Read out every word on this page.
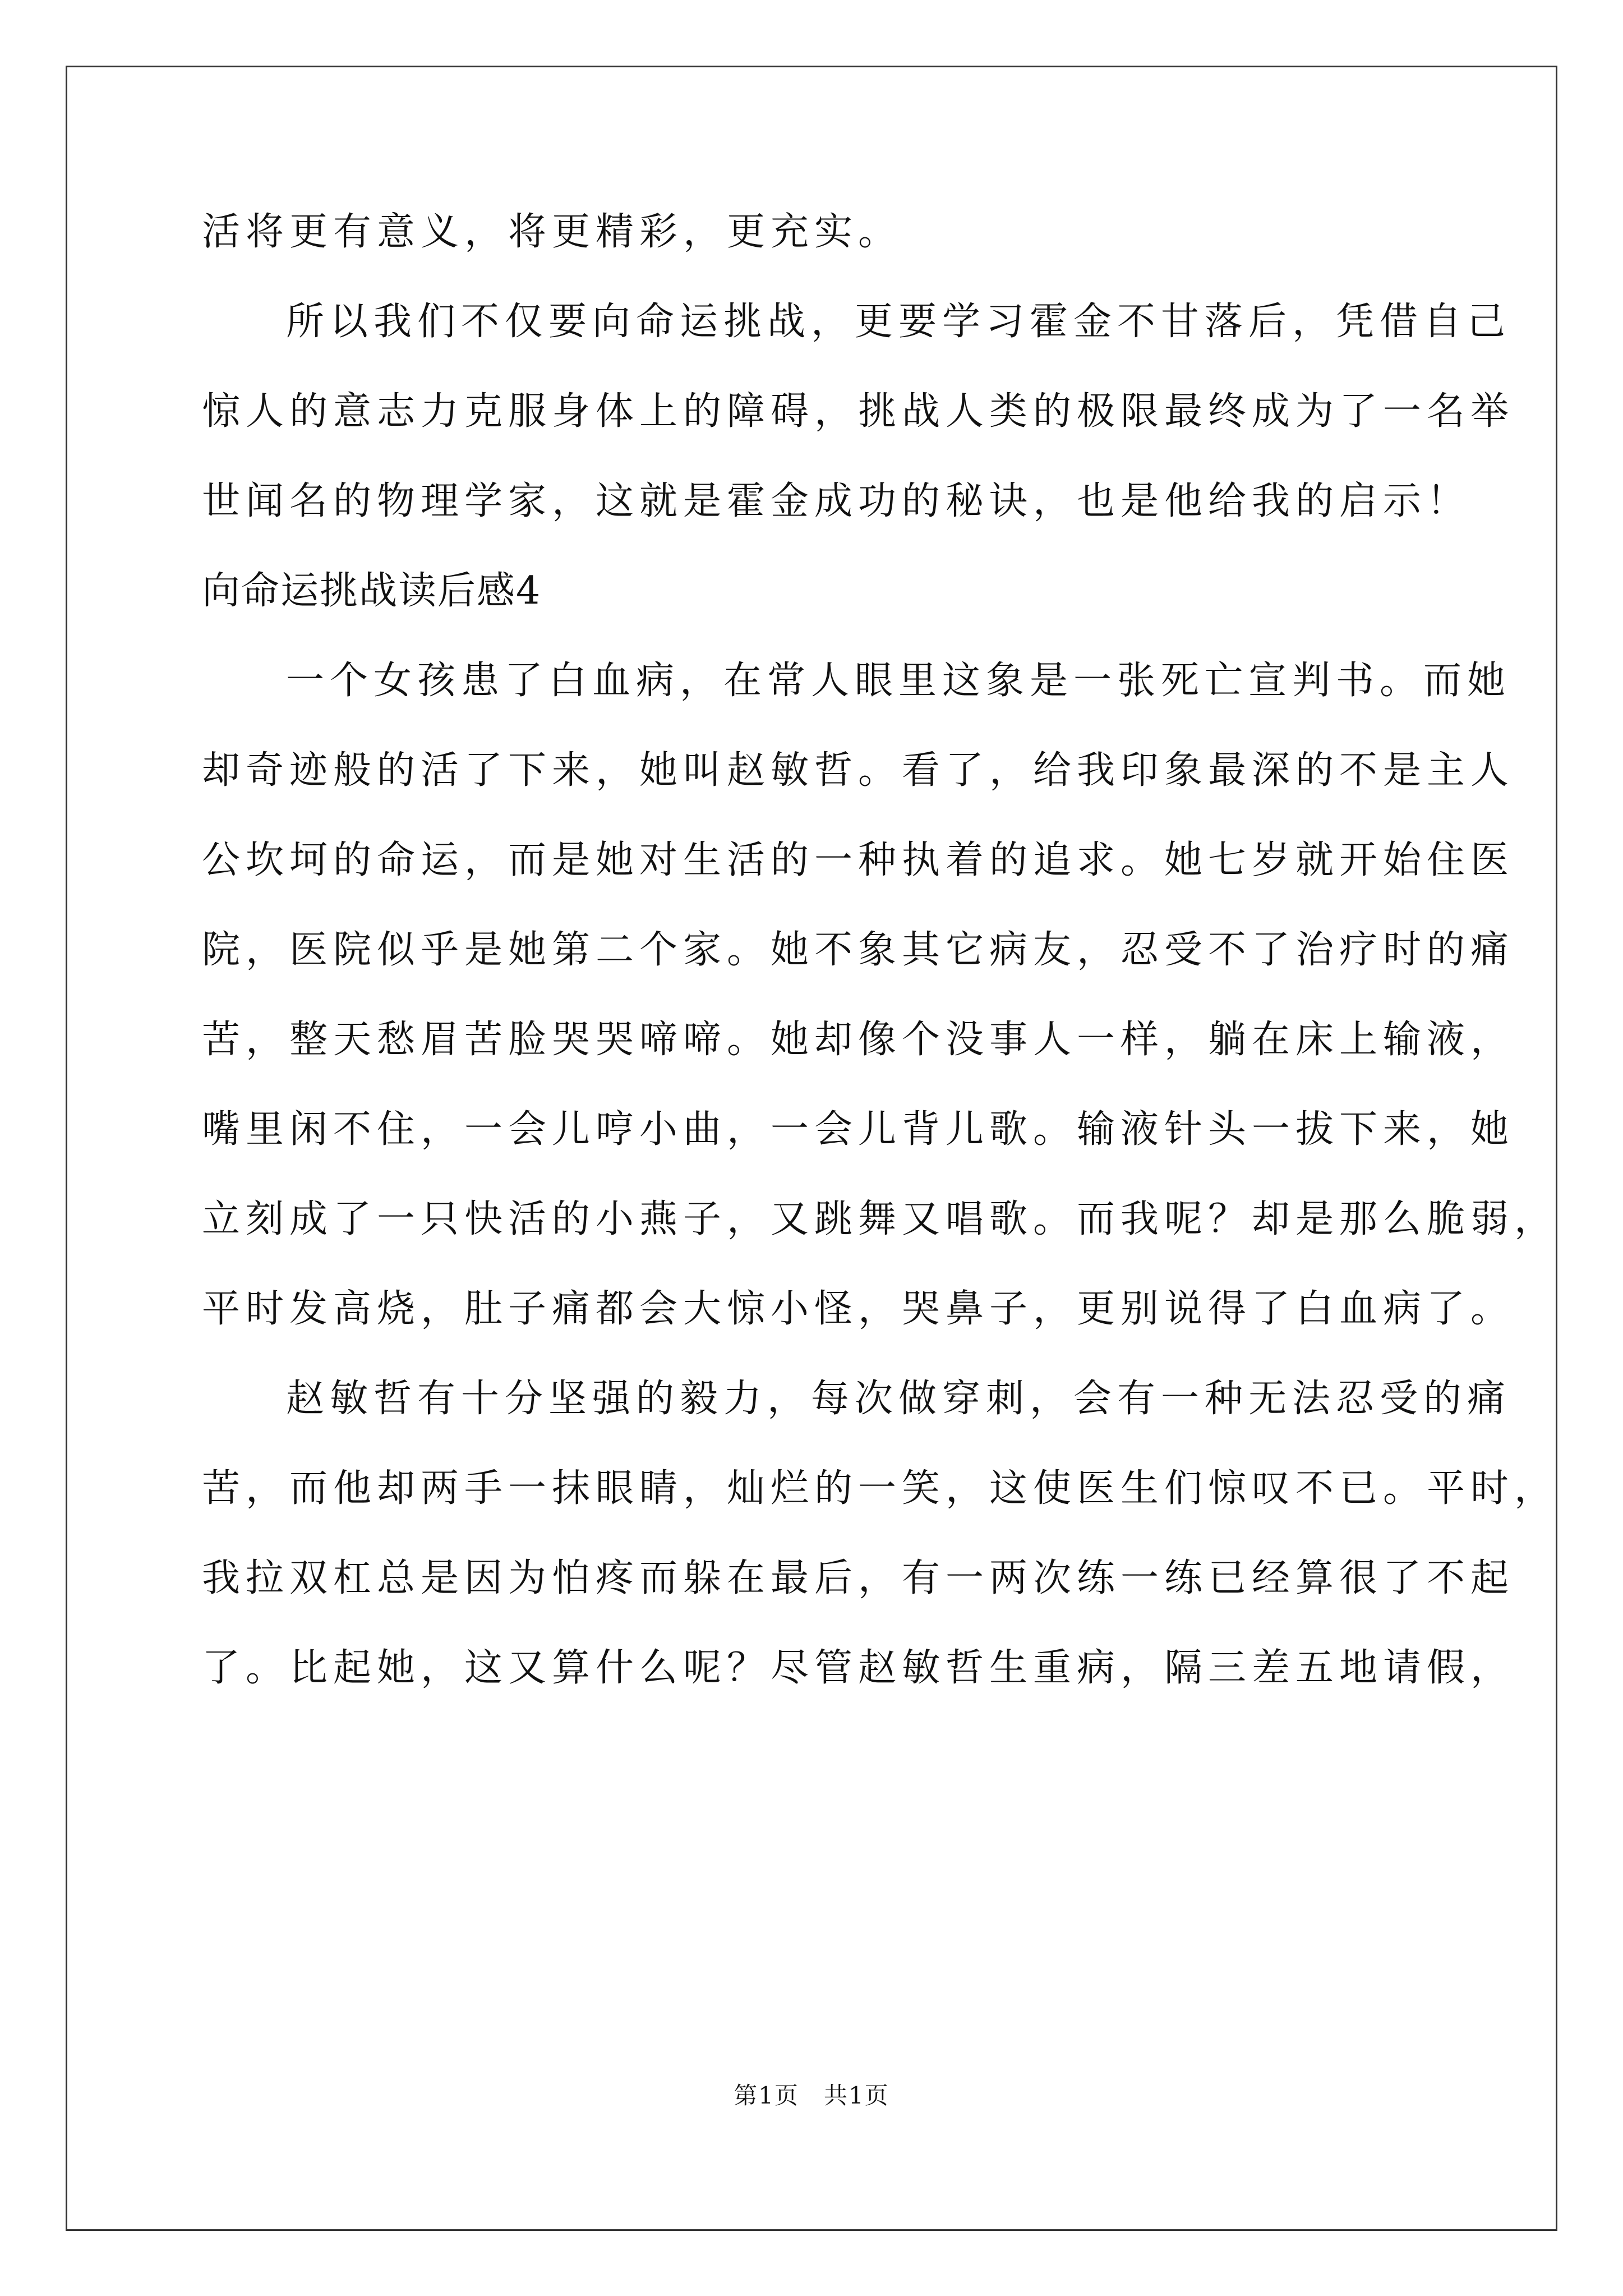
活将更有意义，将更精彩，更充实。
所以我们不仅要向命运挑战，更要学习霍金不甘落后，凭借自己
惊人的意志力克服身体上的障碍，挑战人类的极限最终成为了一名举
世闻名的物理学家，这就是霍金成功的秘诀，也是他给我的启示！
向命运挑战读后感4
一个女孩患了白血病，在常人眼里这象是一张死亡宣判书。而她
却奇迹般的活了下来，她叫赵敏哲。看了，给我印象最深的不是主人
公坎坷的命运，而是她对生活的一种执着的追求。她七岁就开始住医
院，医院似乎是她第二个家。她不象其它病友，忍受不了治疗时的痛
苦，整天愁眉苦脸哭哭啼啼。她却像个没事人一样，躺在床上输液，
嘴里闲不住，一会儿哼小曲，一会儿背儿歌。输液针头一拔下来，她
立刻成了一只快活的小燕子，又跳舞又唱歌。而我呢？却是那么脆弱，
平时发高烧，肚子痛都会大惊小怪，哭鼻子，更别说得了白血病了。
赵敏哲有十分坚强的毅力，每次做穿刺，会有一种无法忍受的痛
苦，而他却两手一抹眼睛，灿烂的一笑，这使医生们惊叹不已。平时，
我拉双杠总是因为怕疼而躲在最后，有一两次练一练已经算很了不起
了。比起她，这又算什么呢？尽管赵敏哲生重病，隔三差五地请假，
第1页　共1页
